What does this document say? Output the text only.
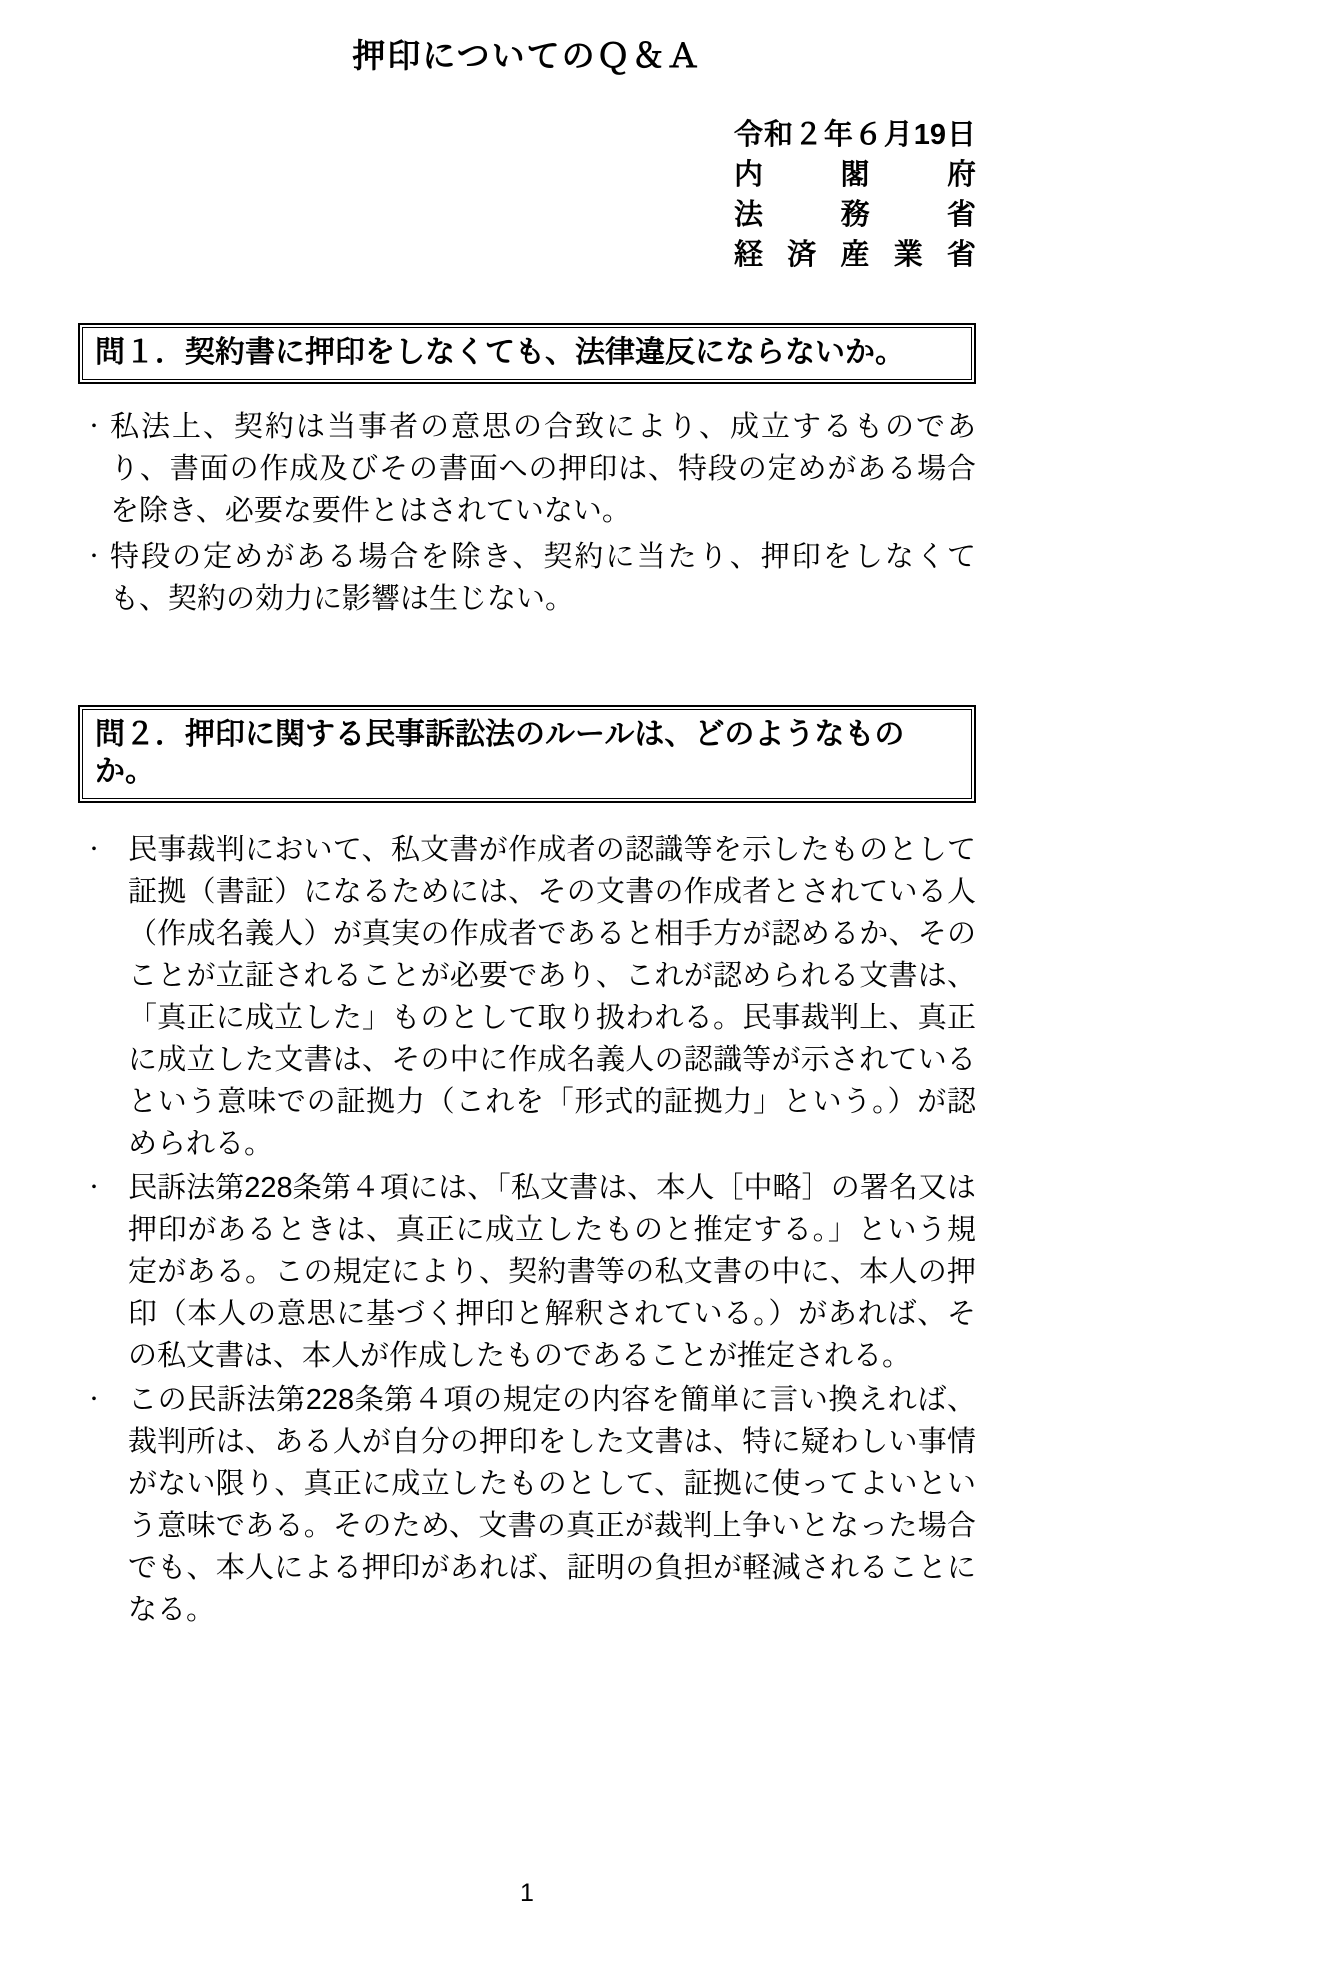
押印についてのＱ＆Ａ
令和２年６月19日
内閣府
法務省
経済産業省
問１．契約書に押印をしなくても、法律違反にならないか。
・ 私法上、契約は当事者の意思の合致により、成立するものであり、書面の作成及びその書面への押印は、特段の定めがある場合を除き、必要な要件とはされていない。
・ 特段の定めがある場合を除き、契約に当たり、押印をしなくても、契約の効力に影響は生じない。
問２．押印に関する民事訴訟法のルールは、どのようなものか。
・ 民事裁判において、私文書が作成者の認識等を示したものとして証拠（書証）になるためには、その文書の作成者とされている人（作成名義人）が真実の作成者であると相手方が認めるか、そのことが立証されることが必要であり、これが認められる文書は、「真正に成立した」ものとして取り扱われる。民事裁判上、真正に成立した文書は、その中に作成名義人の認識等が示されているという意味での証拠力（これを「形式的証拠力」という。）が認められる。
・ 民訴法第228条第４項には、「私文書は、本人［中略］の署名又は押印があるときは、真正に成立したものと推定する。」という規定がある。この規定により、契約書等の私文書の中に、本人の押印（本人の意思に基づく押印と解釈されている。）があれば、その私文書は、本人が作成したものであることが推定される。
・ この民訴法第228条第４項の規定の内容を簡単に言い換えれば、裁判所は、ある人が自分の押印をした文書は、特に疑わしい事情がない限り、真正に成立したものとして、証拠に使ってよいという意味である。そのため、文書の真正が裁判上争いとなった場合でも、本人による押印があれば、証明の負担が軽減されることになる。
1
